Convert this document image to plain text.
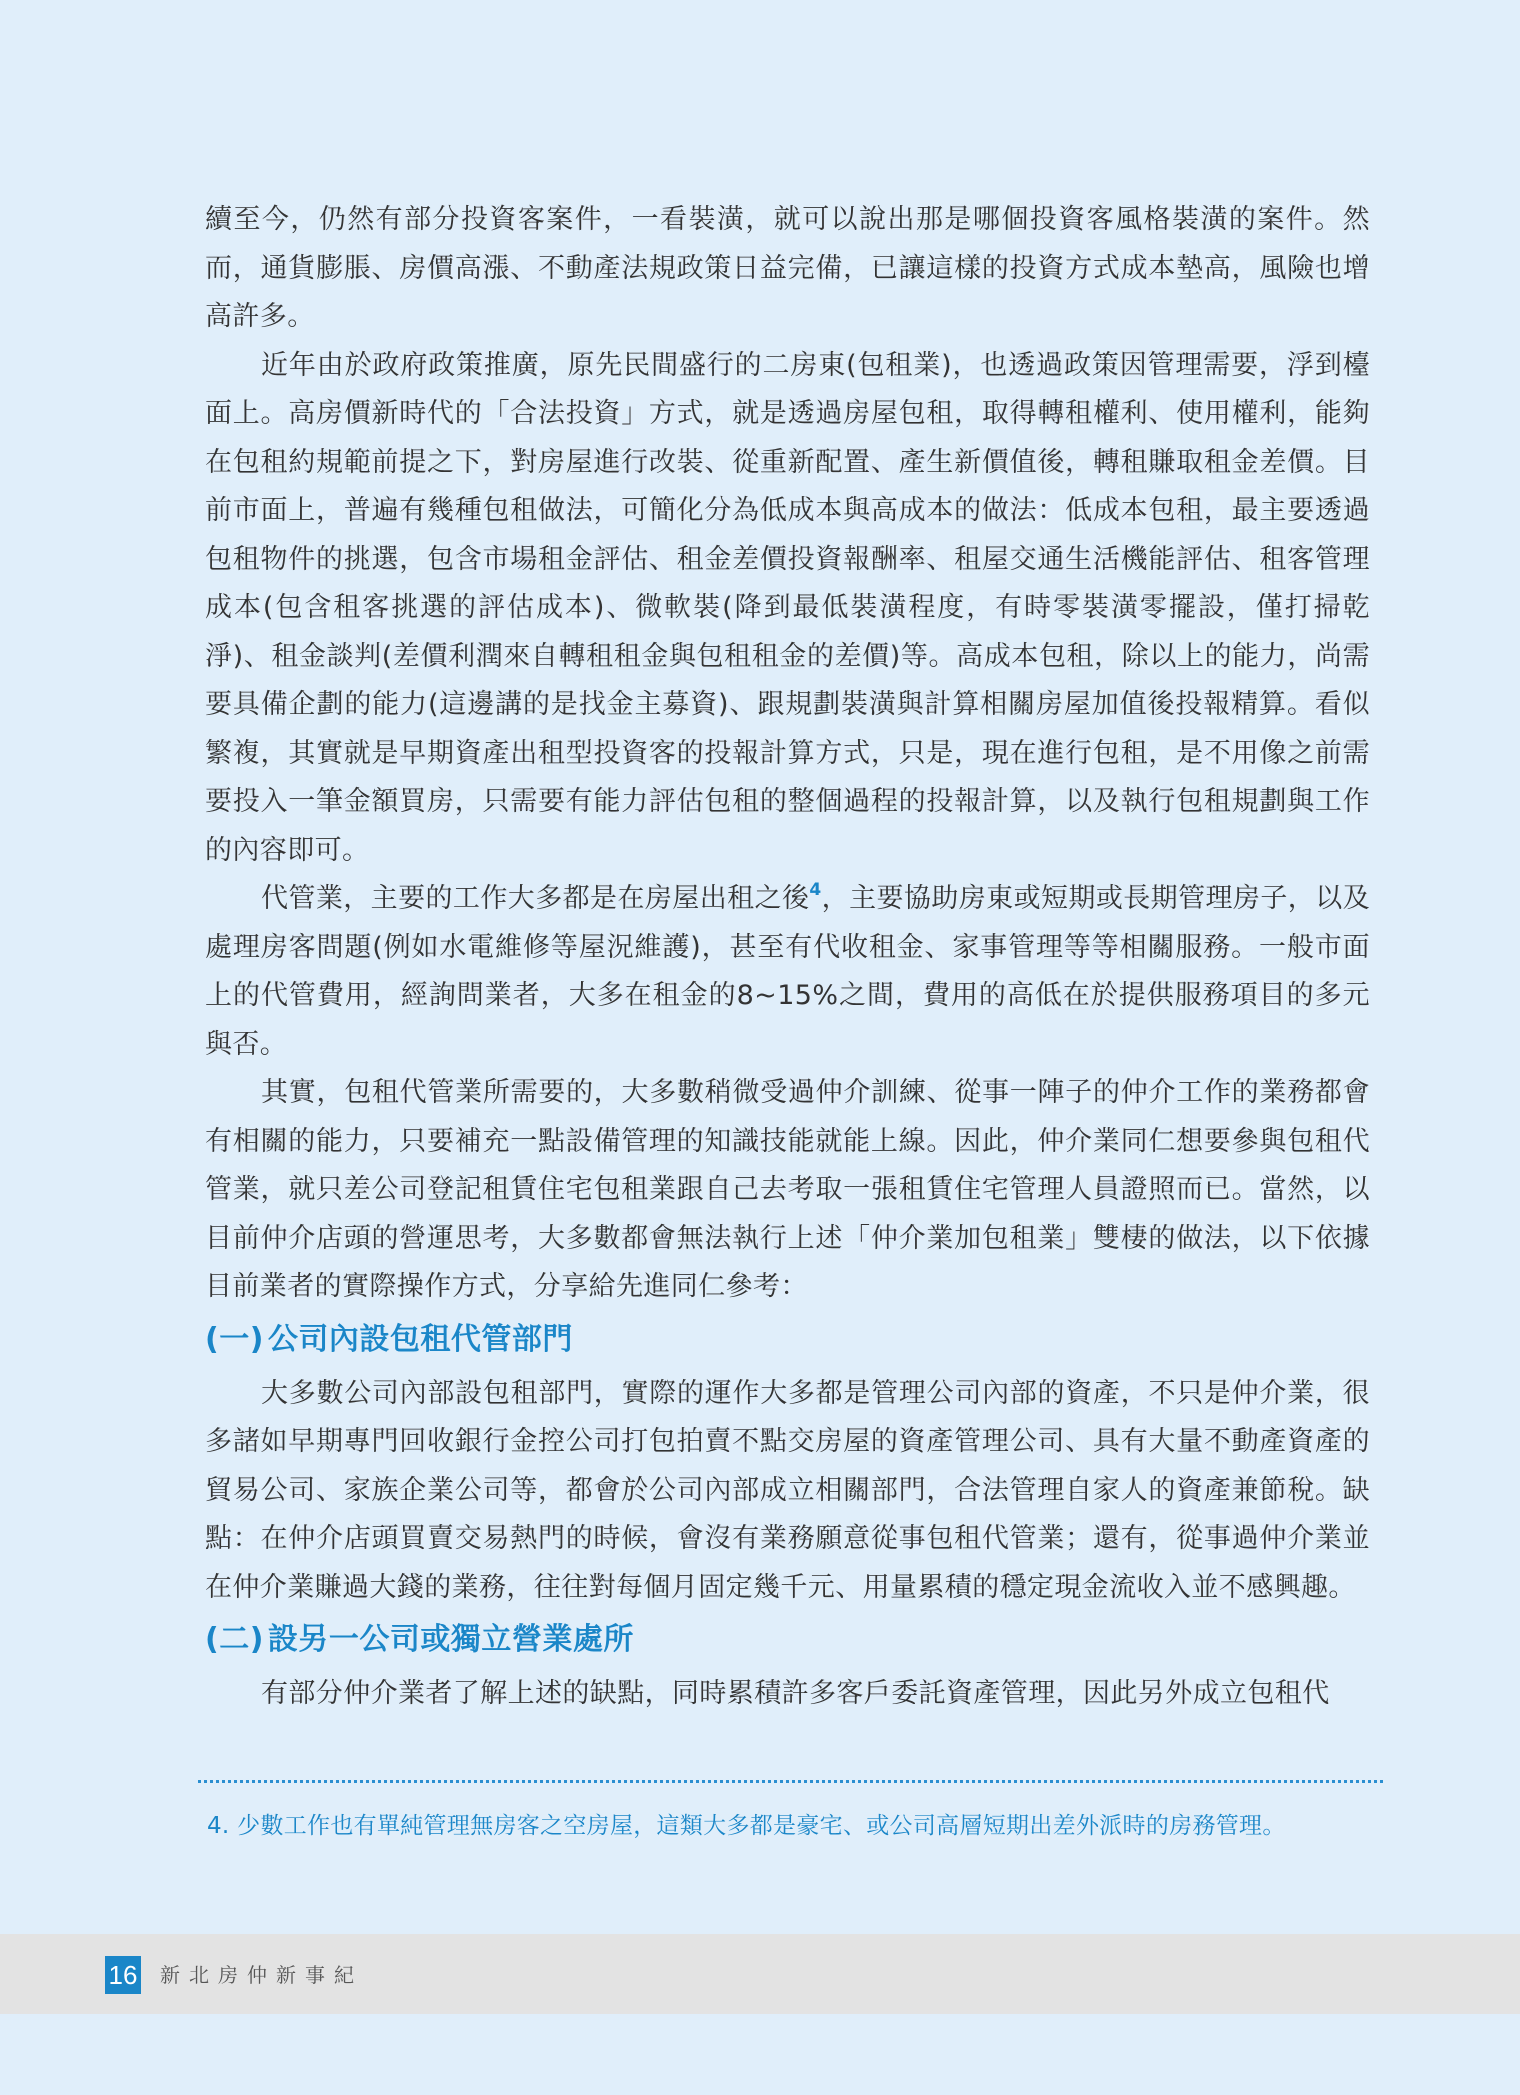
續至今，仍然有部分投資客案件，一看裝潢，就可以說出那是哪個投資客風格裝潢的案件。然而，通貨膨脹、房價高漲、不動產法規政策日益完備，已讓這樣的投資方式成本墊高，風險也增高許多。

近年由於政府政策推廣，原先民間盛行的二房東(包租業)，也透過政策因管理需要，浮到檯面上。高房價新時代的「合法投資」方式，就是透過房屋包租，取得轉租權利、使用權利，能夠在包租約規範前提之下，對房屋進行改裝、從重新配置、產生新價值後，轉租賺取租金差價。目前市面上，普遍有幾種包租做法，可簡化分為低成本與高成本的做法：低成本包租，最主要透過包租物件的挑選，包含市場租金評估、租金差價投資報酬率、租屋交通生活機能評估、租客管理成本(包含租客挑選的評估成本)、微軟裝(降到最低裝潢程度，有時零裝潢零擺設，僅打掃乾淨)、租金談判(差價利潤來自轉租租金與包租租金的差價)等。高成本包租，除以上的能力，尚需要具備企劃的能力(這邊講的是找金主募資)、跟規劃裝潢與計算相關房屋加值後投報精算。看似繁複，其實就是早期資產出租型投資客的投報計算方式，只是，現在進行包租，是不用像之前需要投入一筆金額買房，只需要有能力評估包租的整個過程的投報計算，以及執行包租規劃與工作的內容即可。

代管業，主要的工作大多都是在房屋出租之後$^4$，主要協助房東或短期或長期管理房子，以及處理房客問題(例如水電維修等屋況維護)，甚至有代收租金、家事管理等等相關服務。一般市面上的代管費用，經詢問業者，大多在租金的8~15%之間，費用的高低在於提供服務項目的多元與否。

其實，包租代管業所需要的，大多數稍微受過仲介訓練、從事一陣子的仲介工作的業務都會有相關的能力，只要補充一點設備管理的知識技能就能上線。因此，仲介業同仁想要參與包租代管業，就只差公司登記租賃住宅包租業跟自己去考取一張租賃住宅管理人員證照而已。當然，以目前仲介店頭的營運思考，大多數都會無法執行上述「仲介業加包租業」雙棲的做法，以下依據目前業者的實際操作方式，分享給先進同仁參考：

(一) 公司內設包租代管部門

大多數公司內部設包租部門，實際的運作大多都是管理公司內部的資產，不只是仲介業，很多諸如早期專門回收銀行金控公司打包拍賣不點交房屋的資產管理公司、具有大量不動產資產的貿易公司、家族企業公司等，都會於公司內部成立相關部門，合法管理自家人的資產兼節稅。缺點：在仲介店頭買賣交易熱門的時候，會沒有業務願意從事包租代管業；還有，從事過仲介業並在仲介業賺過大錢的業務，往往對每個月固定幾千元、用量累積的穩定現金流收入並不感興趣。

(二) 設另一公司或獨立營業處所

有部分仲介業者了解上述的缺點，同時累積許多客戶委託資產管理，因此另外成立包租代

4. 少數工作也有單純管理無房客之空房屋，這類大多都是豪宅、或公司高層短期出差外派時的房務管理。
16 新北房仲新事紀
